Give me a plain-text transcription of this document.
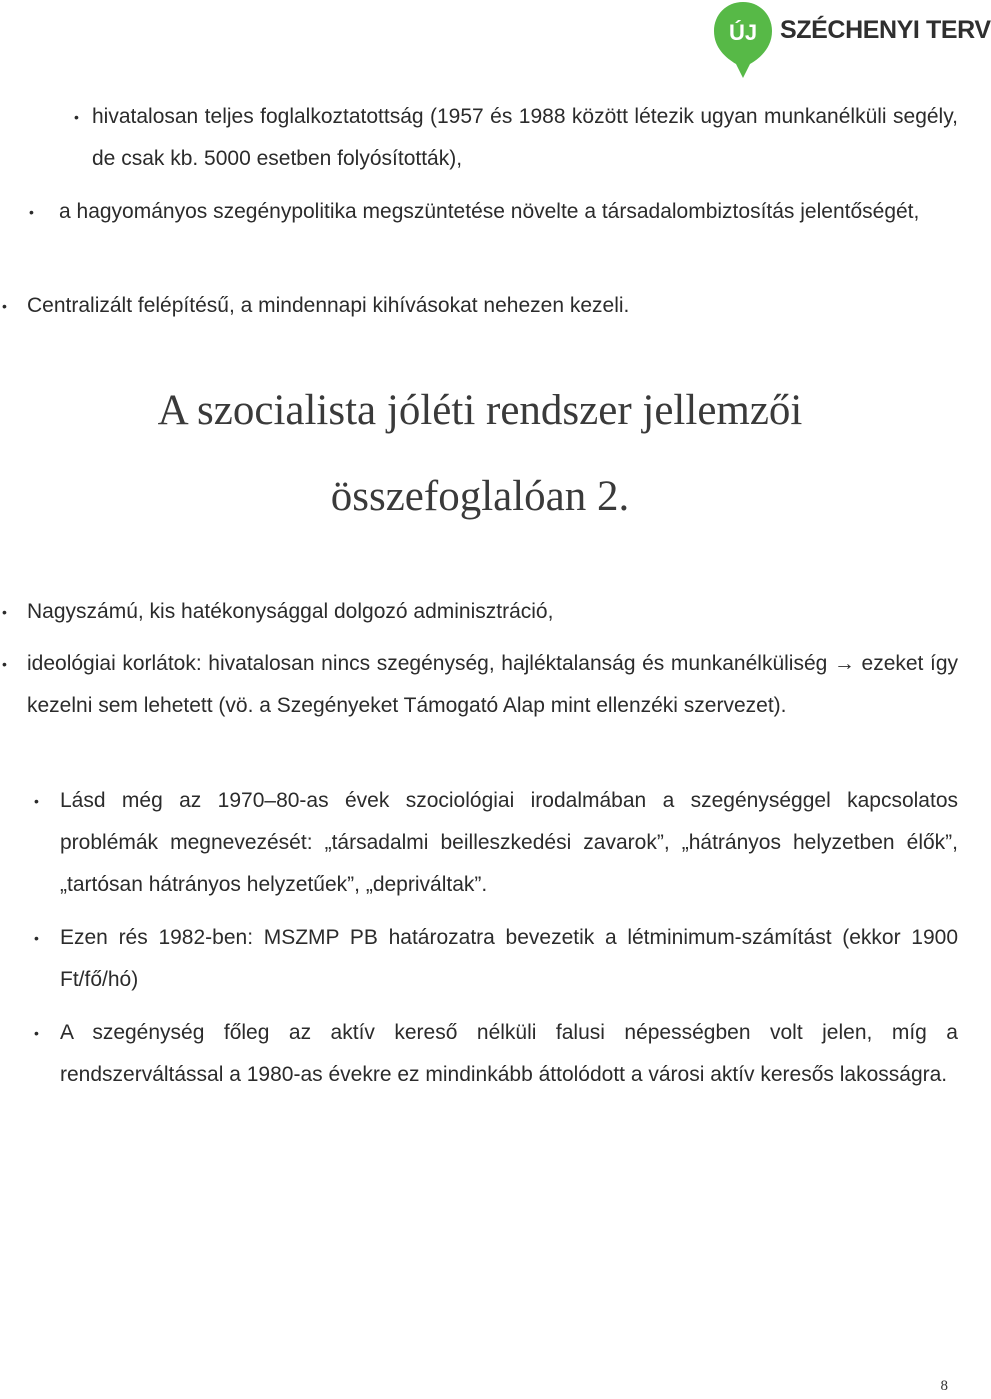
ÚJ SZÉCHENYI TERV
• hivatalosan teljes foglalkoztatottság (1957 és 1988 között létezik ugyan munkanélküli segély, de csak kb. 5000 esetben folyósították),
• a hagyományos szegénypolitika megszüntetése növelte a társadalombiztosítás jelentőségét,
• Centralizált felépítésű, a mindennapi kihívásokat nehezen kezeli.
A szocialista jóléti rendszer jellemzői
összefoglalóan 2.
• Nagyszámú, kis hatékonysággal dolgozó adminisztráció,
• ideológiai korlátok: hivatalosan nincs szegénység, hajléktalanság és munkanélküliség → ezeket így kezelni sem lehetett (vö. a Szegényeket Támogató Alap mint ellenzéki szervezet).
• Lásd még az 1970–80-as évek szociológiai irodalmában a szegénységgel kapcsolatos problémák megnevezését: „társadalmi beilleszkedési zavarok”, „hátrányos helyzetben élők”, „tartósan hátrányos helyzetűek”, „depriváltak”.
• Ezen rés 1982-ben: MSZMP PB határozatra bevezetik a létminimum-számítást (ekkor 1900 Ft/fő/hó)
• A szegénység főleg az aktív kereső nélküli falusi népességben volt jelen, míg a rendszerváltással a 1980-as évekre ez mindinkább áttolódott a városi aktív keresős lakosságra.
8
